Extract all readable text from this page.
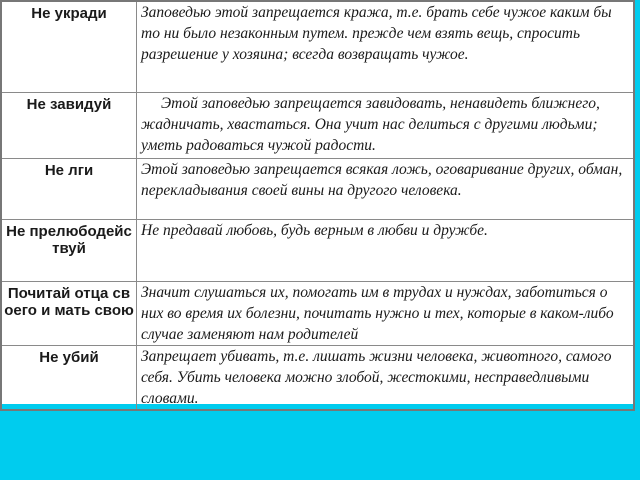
Не укради	Заповедью этой запрещается кража, т.е. брать себе чужое каким бы то ни было незаконным путем. прежде чем взять вещь, спросить разрешение у хозяина; всегда возвращать чужое.
Не завидуй	Этой заповедью запрещается завидовать, ненавидеть ближнего, жадничать, хвастаться. Она учит нас делиться с другими людьми; уметь радоваться чужой радости.
Не лги	Этой заповедью запрещается всякая ложь, оговаривание других, обман, перекладывания своей вины на другого человека.
Не прелюбодействуй	Не предавай любовь, будь верным в любви и дружбе.
Почитай отца своего и мать свою	Значит слушаться их, помогать им в трудах и нуждах, заботиться о них во время их болезни, почитать нужно и тех, которые в каком-либо случае заменяют нам родителей
Не убий	Запрещает убивать, т.е. лишать жизни человека, животного, самого себя. Убить человека можно злобой, жестокими, несправедливыми словами.
